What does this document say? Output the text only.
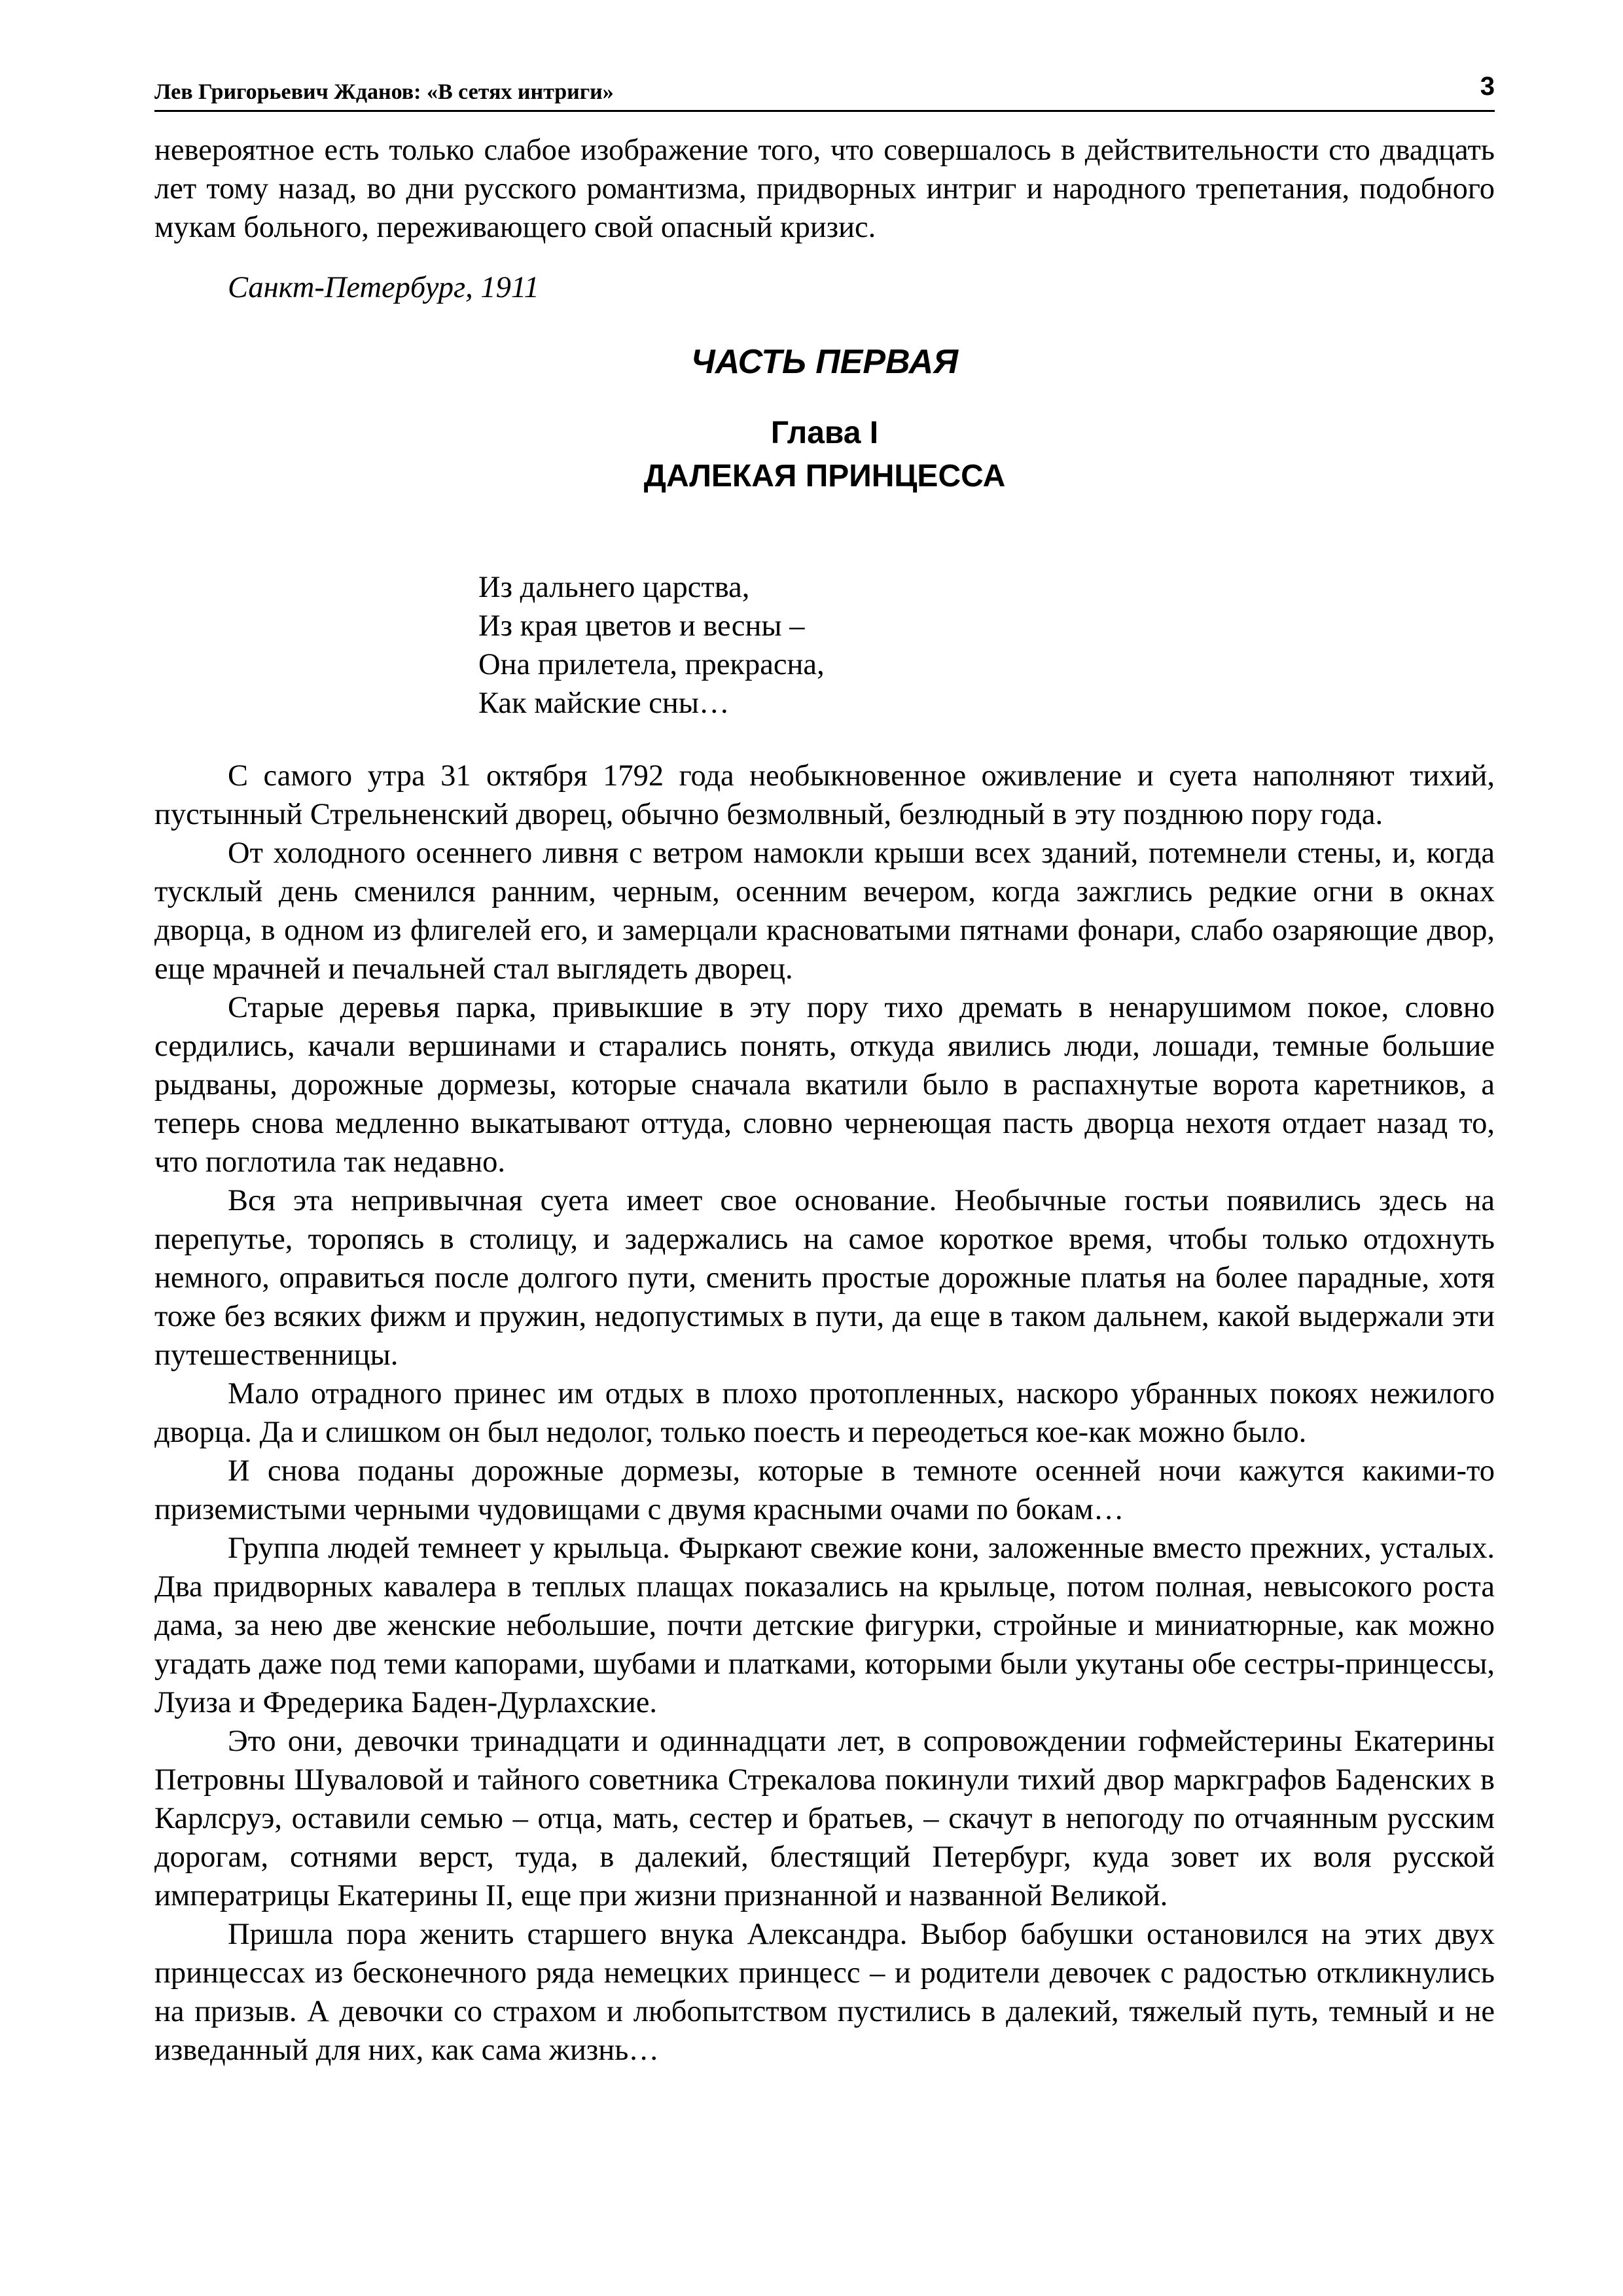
Лев Григорьевич Жданов: «В сетях интриги»	3

невероятное есть только слабое изображение того, что совершалось в действительности сто двадцать лет тому назад, во дни русского романтизма, придворных интриг и народного трепетания, подобного мукам больного, переживающего свой опасный кризис.

Санкт-Петербург, 1911

ЧАСТЬ ПЕРВАЯ
Глава I
ДАЛЕКАЯ ПРИНЦЕССА
Из дальнего царства,
Из края цветов и весны –
Она прилетела, прекрасна,
Как майские сны…

С самого утра 31 октября 1792 года необыкновенное оживление и суета наполняют тихий, пустынный Стрельненский дворец, обычно безмолвный, безлюдный в эту позднюю пору года.

От холодного осеннего ливня с ветром намокли крыши всех зданий, потемнели стены, и, когда тусклый день сменился ранним, черным, осенним вечером, когда зажглись редкие огни в окнах дворца, в одном из флигелей его, и замерцали красноватыми пятнами фонари, слабо озаряющие двор, еще мрачней и печальней стал выглядеть дворец.

Старые деревья парка, привыкшие в эту пору тихо дремать в ненарушимом покое, словно сердились, качали вершинами и старались понять, откуда явились люди, лошади, темные большие рыдваны, дорожные дормезы, которые сначала вкатили было в распахнутые ворота каретников, а теперь снова медленно выкатывают оттуда, словно чернеющая пасть дворца нехотя отдает назад то, что поглотила так недавно.

Вся эта непривычная суета имеет свое основание. Необычные гостьи появились здесь на перепутье, торопясь в столицу, и задержались на самое короткое время, чтобы только отдохнуть немного, оправиться после долгого пути, сменить простые дорожные платья на более парадные, хотя тоже без всяких фижм и пружин, недопустимых в пути, да еще в таком дальнем, какой выдержали эти путешественницы.

Мало отрадного принес им отдых в плохо протопленных, наскоро убранных покоях нежилого дворца. Да и слишком он был недолог, только поесть и переодеться кое-как можно было.

И снова поданы дорожные дормезы, которые в темноте осенней ночи кажутся какими-то приземистыми черными чудовищами с двумя красными очами по бокам…

Группа людей темнеет у крыльца. Фыркают свежие кони, заложенные вместо прежних, усталых. Два придворных кавалера в теплых плащах показались на крыльце, потом полная, невысокого роста дама, за нею две женские небольшие, почти детские фигурки, стройные и миниатюрные, как можно угадать даже под теми капорами, шубами и платками, которыми были укутаны обе сестры-принцессы, Луиза и Фредерика Баден-Дурлахские.

Это они, девочки тринадцати и одиннадцати лет, в сопровождении гофмейстерины Екатерины Петровны Шуваловой и тайного советника Стрекалова покинули тихий двор маркграфов Баденских в Карлсруэ, оставили семью – отца, мать, сестер и братьев, – скачут в непогоду по отчаянным русским дорогам, сотнями верст, туда, в далекий, блестящий Петербург, куда зовет их воля русской императрицы Екатерины II, еще при жизни признанной и названной Великой.

Пришла пора женить старшего внука Александра. Выбор бабушки остановился на этих двух принцессах из бесконечного ряда немецких принцесс – и родители девочек с радостью откликнулись на призыв. А девочки со страхом и любопытством пустились в далекий, тяжелый путь, темный и не изведанный для них, как сама жизнь…
